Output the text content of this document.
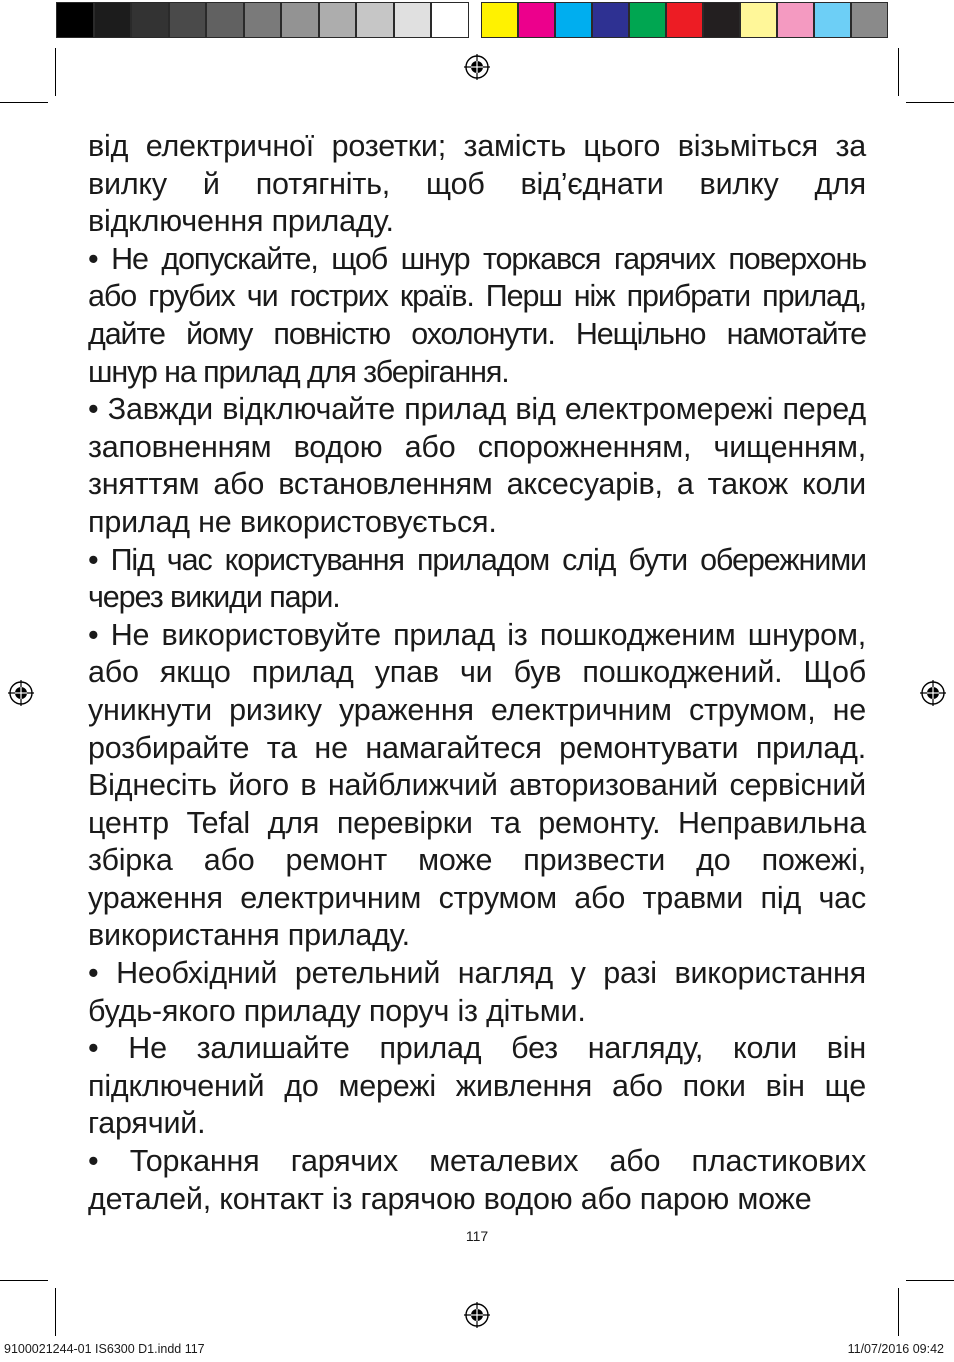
від електричної розетки; замість цього візьміться за вилку й потягніть, щоб від’єднати вилку для відключення приладу.

• Не допускайте, щоб шнур торкався гарячих поверхонь або грубих чи гострих країв. Перш ніж прибрати прилад, дайте йому повністю охолонути. Нещільно намотайте шнур на прилад для зберігання.

• Завжди відключайте прилад від електромережі перед заповненням водою або спорожненням, чищенням, зняттям або встановленням аксесуарів, а також коли прилад не використовується.

• Під час користування приладом слід бути обережними через викиди пари.

• Не використовуйте прилад із пошкодженим шнуром, або якщо прилад упав чи був пошкоджений. Щоб уникнути ризику ураження електричним струмом, не розбирайте та не намагайтеся ремонтувати прилад. Віднесіть його в найближчий авторизований сервісний центр Tefal для перевірки та ремонту. Неправильна збірка або ремонт може призвести до пожежі, ураження електричним струмом або травми під час використання приладу.

• Необхідний ретельний нагляд у разі використання будь-якого приладу поруч із дітьми.

• Не залишайте прилад без нагляду, коли він підключений до мережі живлення або поки він ще гарячий.

• Торкання гарячих металевих або пластикових деталей, контакт із гарячою водою або парою може

117
9100021244-01 IS6300 D1.indd 117	11/07/2016 09:42
